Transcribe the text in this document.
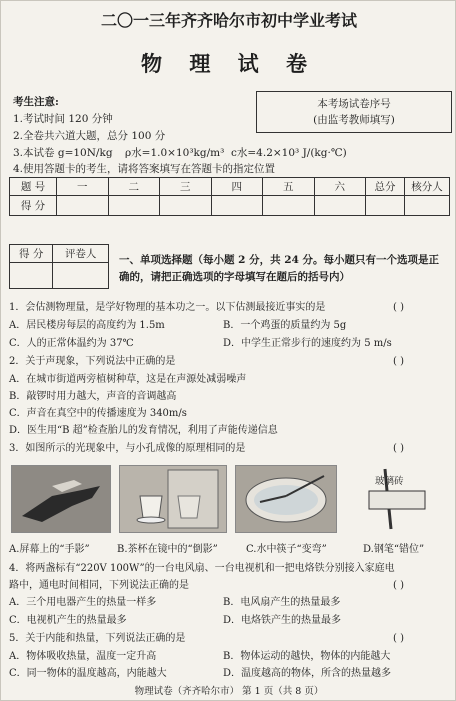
二〇一三年齐齐哈尔市初中学业考试
物 理 试 卷
考生注意:
1.考试时间 120 分钟
2.全卷共六道大题，总分 100 分
3.本试卷 g=10N/kg ρ水=1.0×10³kg/m³ c水=4.2×10³ J/(kg·℃)
4.使用答题卡的考生，请将答案填写在答题卡的指定位置
本考场试卷序号
(由监考教师填写)
题 号	一	二	三	四	五	六	总分	核分人
得 分								
得 分	评卷人
	一、单项选择题（每小题 2 分，共 24 分。每小题只有一个选项是正
确的，请把正确选项的字母填写在题后的括号内）
1．会估测物理量，是学好物理的基本功之一。以下估测最接近事实的是	( )
A．居民楼房每层的高度约为 1.5m	B．一个鸡蛋的质量约为 5g
C．人的正常体温约为 37℃	D．中学生正常步行的速度约为 5 m/s
2．关于声现象，下列说法中正确的是	( )
A．在城市街道两旁植树种草，这是在声源处减弱噪声
B．敲锣时用力越大，声音的音调越高
C．声音在真空中的传播速度为 340m/s
D．医生用“B 超”检查胎儿的发育情况，利用了声能传递信息
3．如图所示的光现象中，与小孔成像的原理相同的是	( )
玻璃砖
A.屏幕上的“手影”	B.茶杯在镜中的“倒影”	C.水中筷子“变弯”	D.钢笔“错位”
4．将两盏标有“220V 100W”的一台电风扇、一台电视机和一把电烙铁分别接入家庭电
路中，通电时间相同，下列说法正确的是	( )
A．三个用电器产生的热量一样多	B．电风扇产生的热量最多
C．电视机产生的热量最多	D．电烙铁产生的热量最多
5．关于内能和热量，下列说法正确的是	( )
A．物体吸收热量，温度一定升高	B．物体运动的越快，物体的内能越大
C．同一物体的温度越高，内能越大	D．温度越高的物体，所含的热量越多
物理试卷（齐齐哈尔市） 第 1 页（共 8 页）
